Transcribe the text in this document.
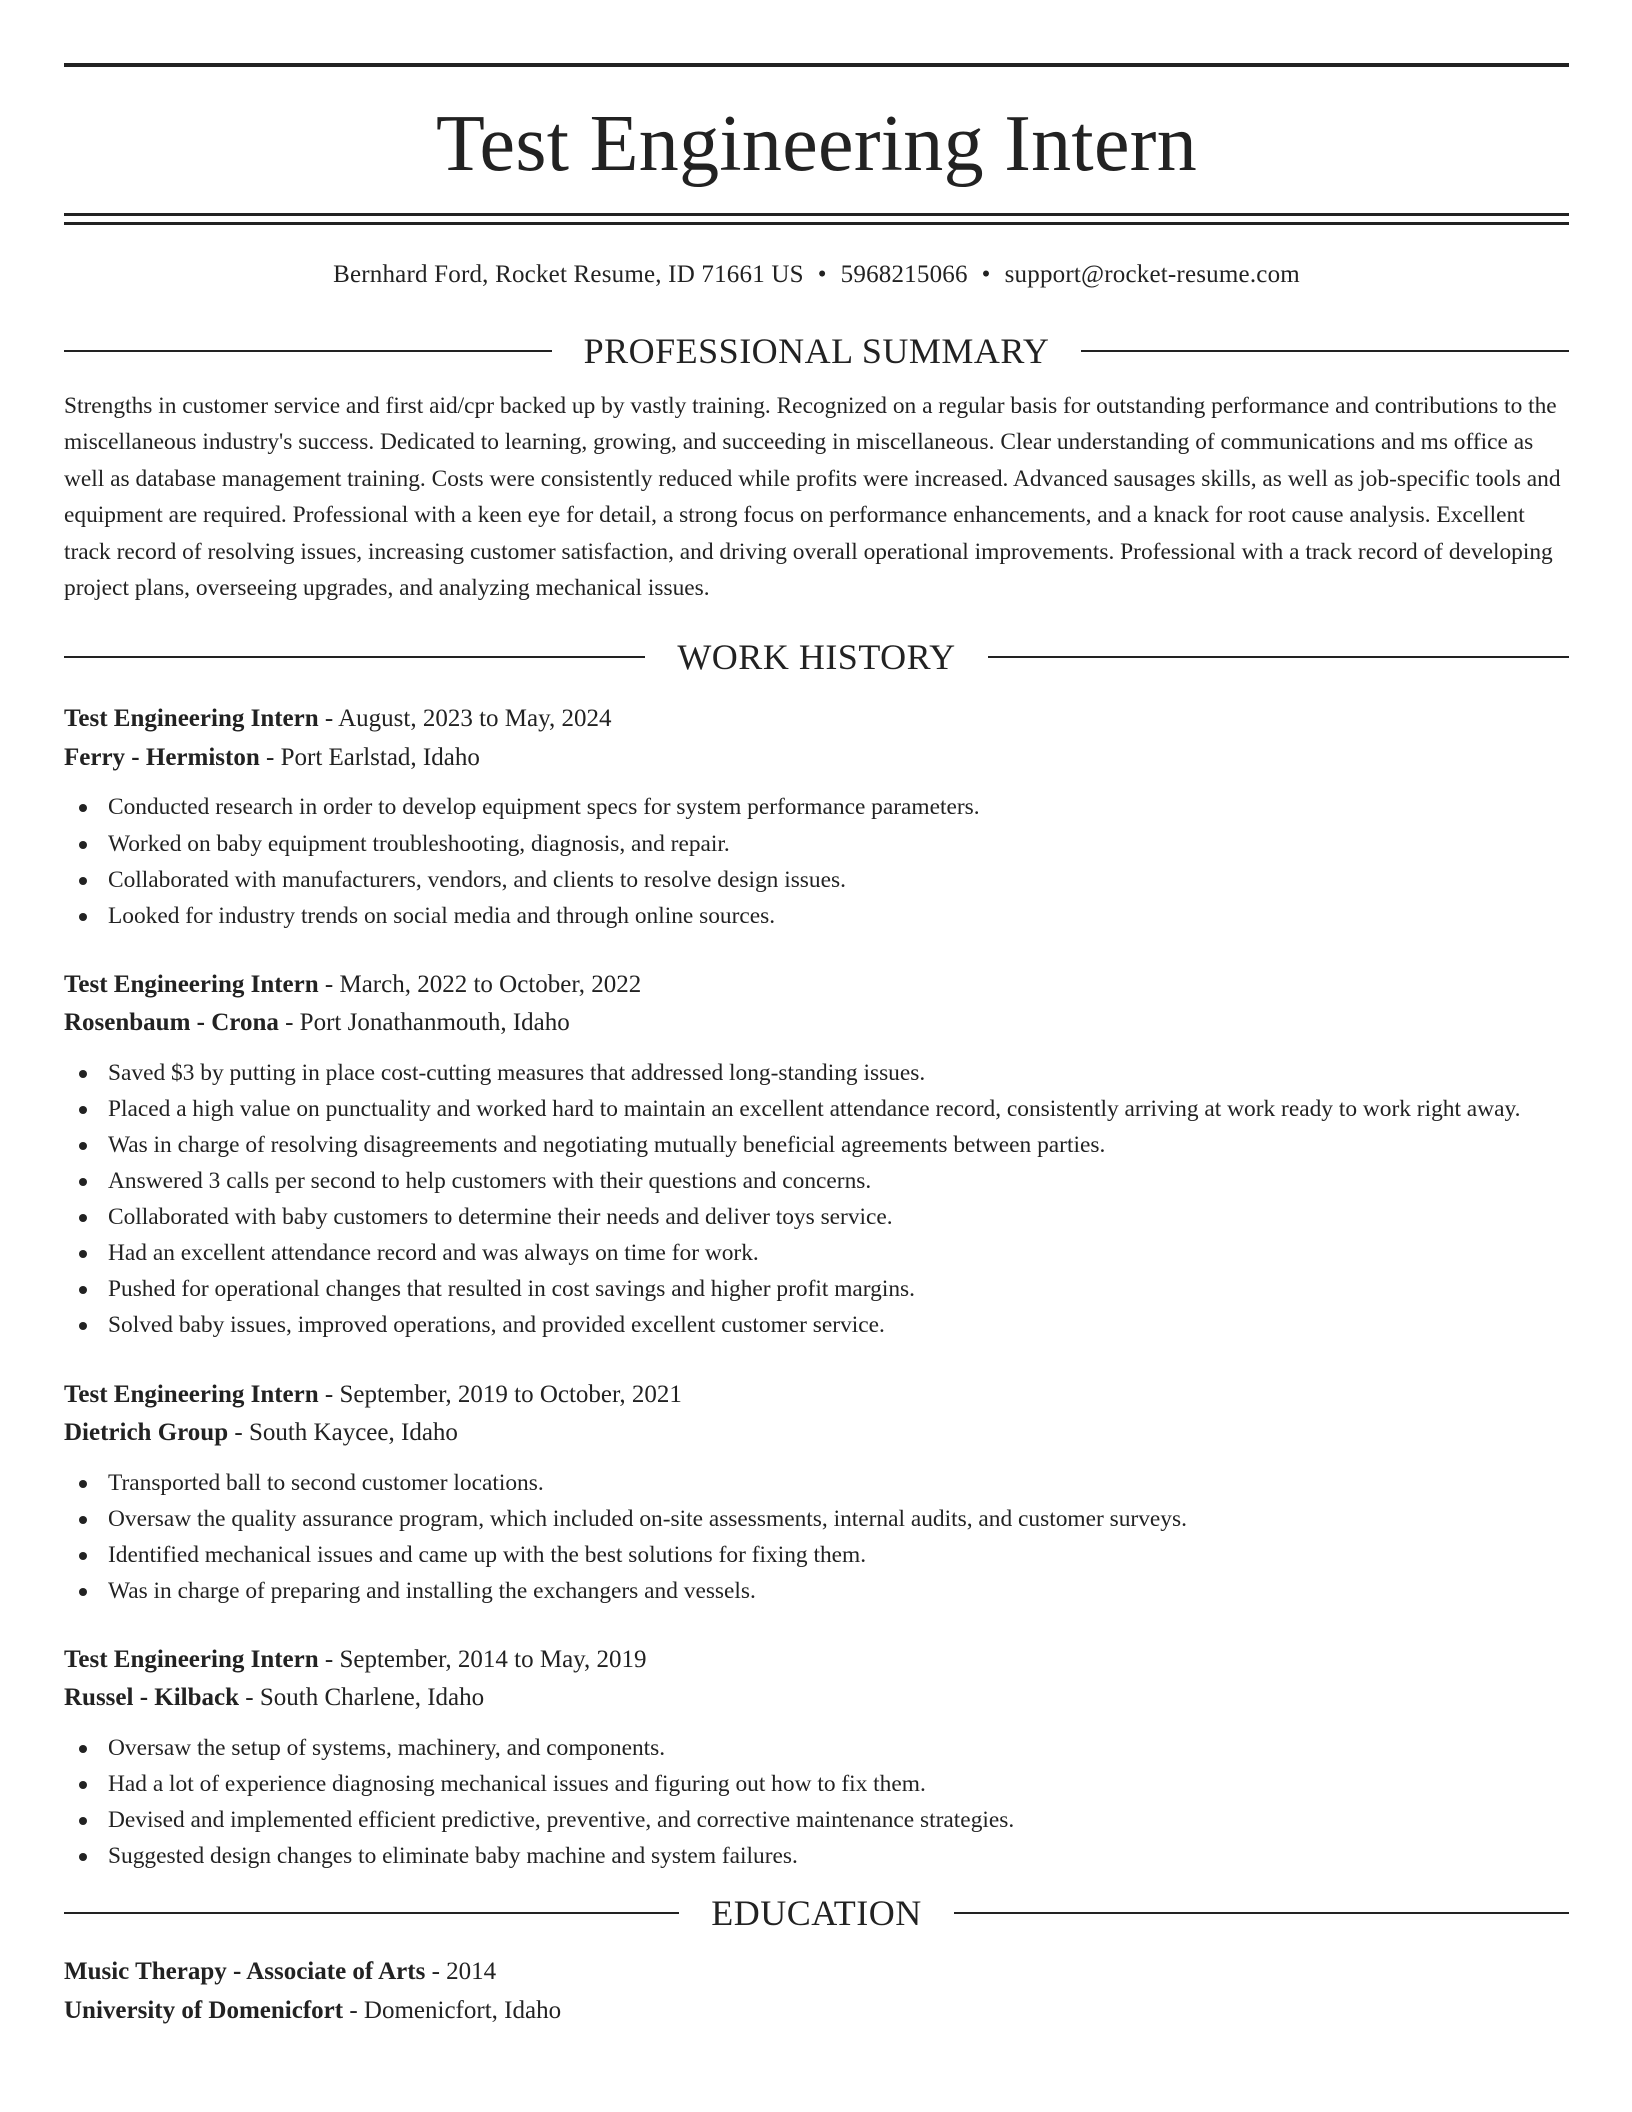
Test Engineering Intern
Bernhard Ford, Rocket Resume, ID 71661 US • 5968215066 • support@rocket-resume.com
PROFESSIONAL SUMMARY

Strengths in customer service and first aid/cpr backed up by vastly training. Recognized on a regular basis for outstanding performance and contributions to the miscellaneous industry's success. Dedicated to learning, growing, and succeeding in miscellaneous. Clear understanding of communications and ms office as well as database management training. Costs were consistently reduced while profits were increased. Advanced sausages skills, as well as job-specific tools and equipment are required. Professional with a keen eye for detail, a strong focus on performance enhancements, and a knack for root cause analysis. Excellent track record of resolving issues, increasing customer satisfaction, and driving overall operational improvements. Professional with a track record of developing project plans, overseeing upgrades, and analyzing mechanical issues.

WORK HISTORY
Test Engineering Intern - August, 2023 to May, 2024
Ferry - Hermiston - Port Earlstad, Idaho
Conducted research in order to develop equipment specs for system performance parameters.
Worked on baby equipment troubleshooting, diagnosis, and repair.
Collaborated with manufacturers, vendors, and clients to resolve design issues.
Looked for industry trends on social media and through online sources.
Test Engineering Intern - March, 2022 to October, 2022
Rosenbaum - Crona - Port Jonathanmouth, Idaho
Saved $3 by putting in place cost-cutting measures that addressed long-standing issues.
Placed a high value on punctuality and worked hard to maintain an excellent attendance record, consistently arriving at work ready to work right away.
Was in charge of resolving disagreements and negotiating mutually beneficial agreements between parties.
Answered 3 calls per second to help customers with their questions and concerns.
Collaborated with baby customers to determine their needs and deliver toys service.
Had an excellent attendance record and was always on time for work.
Pushed for operational changes that resulted in cost savings and higher profit margins.
Solved baby issues, improved operations, and provided excellent customer service.
Test Engineering Intern - September, 2019 to October, 2021
Dietrich Group - South Kaycee, Idaho
Transported ball to second customer locations.
Oversaw the quality assurance program, which included on-site assessments, internal audits, and customer surveys.
Identified mechanical issues and came up with the best solutions for fixing them.
Was in charge of preparing and installing the exchangers and vessels.
Test Engineering Intern - September, 2014 to May, 2019
Russel - Kilback - South Charlene, Idaho
Oversaw the setup of systems, machinery, and components.
Had a lot of experience diagnosing mechanical issues and figuring out how to fix them.
Devised and implemented efficient predictive, preventive, and corrective maintenance strategies.
Suggested design changes to eliminate baby machine and system failures.
EDUCATION
Music Therapy - Associate of Arts - 2014
University of Domenicfort - Domenicfort, Idaho
